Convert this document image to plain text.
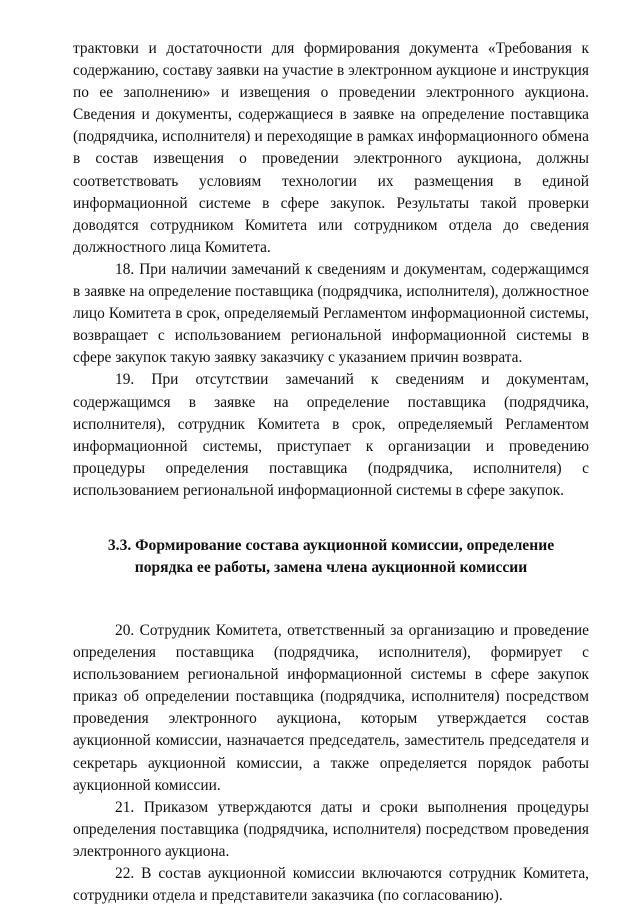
трактовки и достаточности для формирования документа «Требования к содержанию, составу заявки на участие в электронном аукционе и инструкция по ее заполнению» и извещения о проведении электронного аукциона. Сведения и документы, содержащиеся в заявке на определение поставщика (подрядчика, исполнителя) и переходящие в рамках информационного обмена в состав извещения о проведении электронного аукциона, должны соответствовать условиям технологии их размещения в единой информационной системе в сфере закупок. Результаты такой проверки доводятся сотрудником Комитета или сотрудником отдела до сведения должностного лица Комитета.

18. При наличии замечаний к сведениям и документам, содержащимся в заявке на определение поставщика (подрядчика, исполнителя), должностное лицо Комитета в срок, определяемый Регламентом информационной системы, возвращает с использованием региональной информационной системы в сфере закупок такую заявку заказчику с указанием причин возврата.

19. При отсутствии замечаний к сведениям и документам, содержащимся в заявке на определение поставщика (подрядчика, исполнителя), сотрудник Комитета в срок, определяемый Регламентом информационной системы, приступает к организации и проведению процедуры определения поставщика (подрядчика, исполнителя) с использованием региональной информационной системы в сфере закупок.

3.3. Формирование состава аукционной комиссии, определение порядка ее работы, замена члена аукционной комиссии

20. Сотрудник Комитета, ответственный за организацию и проведение определения поставщика (подрядчика, исполнителя), формирует с использованием региональной информационной системы в сфере закупок приказ об определении поставщика (подрядчика, исполнителя) посредством проведения электронного аукциона, которым утверждается состав аукционной комиссии, назначается председатель, заместитель председателя и секретарь аукционной комиссии, а также определяется порядок работы аукционной комиссии.

21. Приказом утверждаются даты и сроки выполнения процедуры определения поставщика (подрядчика, исполнителя) посредством проведения электронного аукциона.

22. В состав аукционной комиссии включаются сотрудник Комитета, сотрудники отдела и представители заказчика (по согласованию).
